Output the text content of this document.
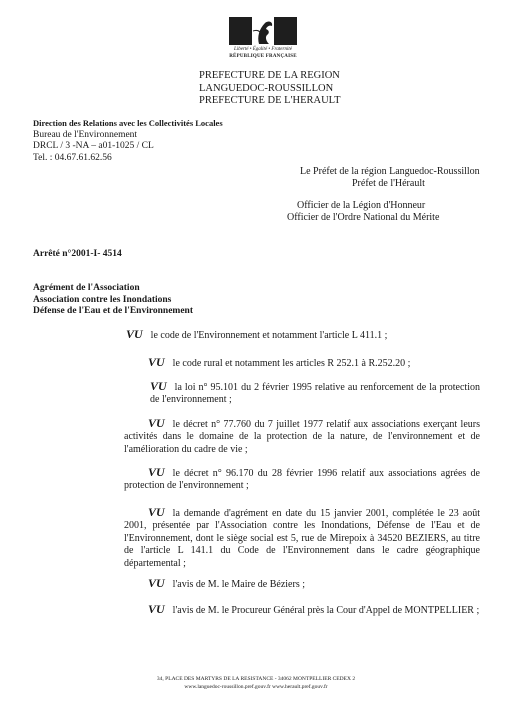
Liberté • Égalité • Fraternité
RÉPUBLIQUE FRANÇAISE
PREFECTURE DE LA REGION
LANGUEDOC-ROUSSILLON
PREFECTURE DE L'HERAULT
Direction des Relations avec les Collectivités Locales
Bureau de l'Environnement
DRCL / 3 -NA – a01-1025 / CL
Tel. : 04.67.61.62.56
Le Préfet de la région Languedoc-Roussillon
Préfet de l'Hérault
Officier de la Légion d'Honneur
Officier de l'Ordre National du Mérite
Arrêté n°2001-I- 4514
Agrément de l'Association
Association contre les Inondations
Défense de l'Eau et de l'Environnement
VU le code de l'Environnement et notamment l'article L 411.1 ;
VU le code rural et notamment les articles R 252.1 à R.252.20 ;
VU la loi n° 95.101 du 2 février 1995 relative au renforcement de la protection de l'environnement ;
VU le décret n° 77.760 du 7 juillet 1977 relatif aux associations exerçant leurs activités dans le domaine de la protection de la nature, de l'environnement et de l'amélioration du cadre de vie ;
VU le décret n° 96.170 du 28 février 1996 relatif aux associations agrées de protection de l'environnement ;
VU la demande d'agrément en date du 15 janvier 2001, complétée le 23 août 2001, présentée par l'Association contre les Inondations, Défense de l'Eau et de l'Environnement, dont le siège social est 5, rue de Mirepoix à 34520 BEZIERS, au titre de l'article L 141.1 du Code de l'Environnement dans le cadre géographique départemental ;
VU l'avis de M. le Maire de Béziers ;
VU l'avis de M. le Procureur Général près la Cour d'Appel de MONTPELLIER ;
34, PLACE DES MARTYRS DE LA RESISTANCE - 34062 MONTPELLIER CEDEX 2
www.languedoc-roussillon.pref.gouv.fr www.herault.pref.gouv.fr
